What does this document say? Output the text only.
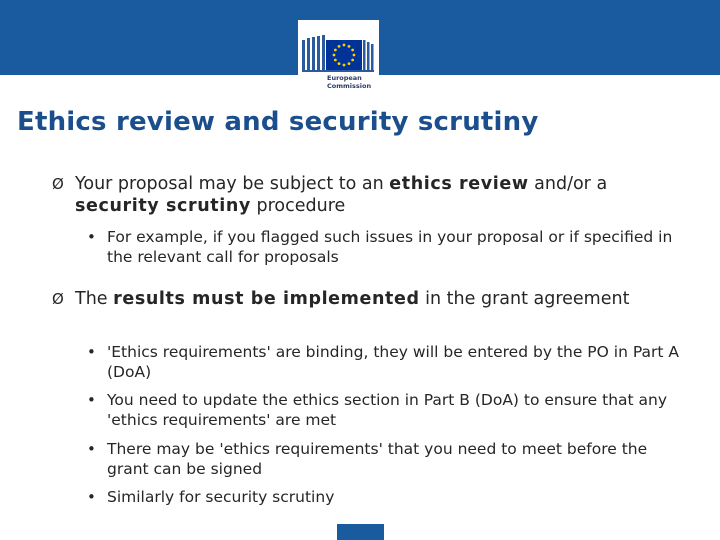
European
Commission
Ethics review and security scrutiny
Ø Your proposal may be subject to an ethics review and/or a security scrutiny procedure
• For example, if you flagged such issues in your proposal or if specified in the relevant call for proposals
Ø The results must be implemented in the grant agreement
• 'Ethics requirements' are binding, they will be entered by the PO in Part A (DoA)
• You need to update the ethics section in Part B (DoA) to ensure that any 'ethics requirements' are met
• There may be 'ethics requirements' that you need to meet before the grant can be signed
• Similarly for security scrutiny
